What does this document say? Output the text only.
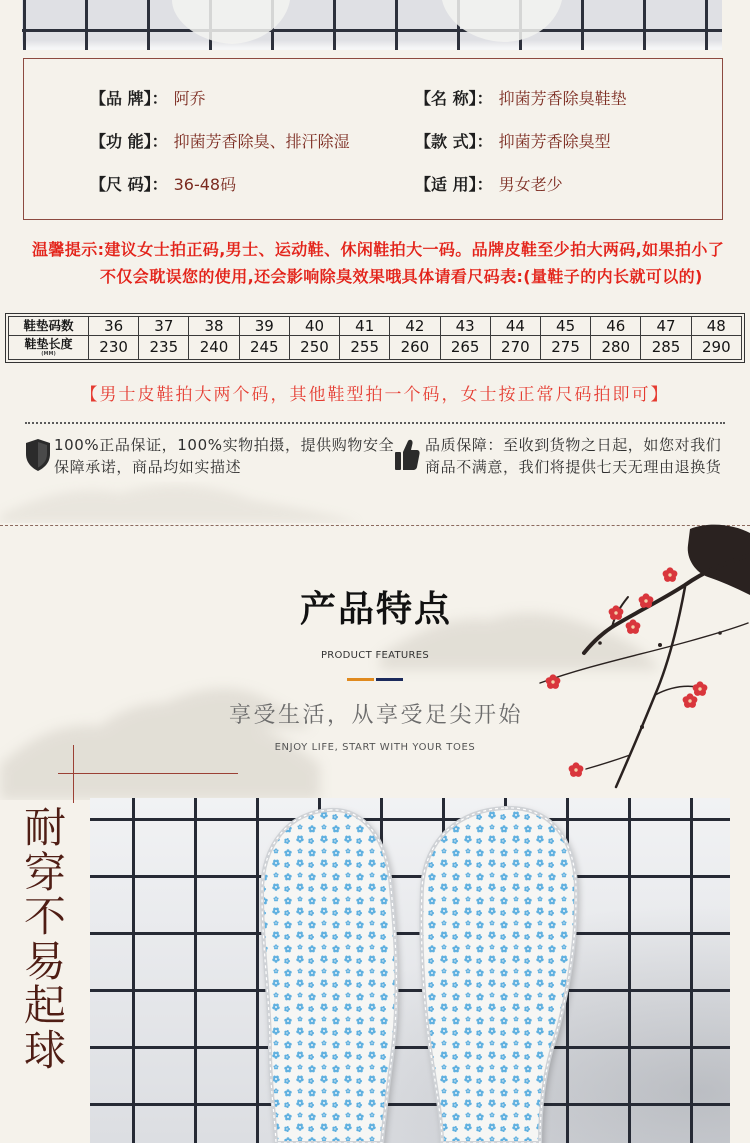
【品 牌】： 阿乔	【名 称】： 抑菌芳香除臭鞋垫
【功 能】： 抑菌芳香除臭、排汗除湿	【款 式】： 抑菌芳香除臭型
【尺 码】： 36-48码	【适 用】： 男女老少
温馨提示:建议女士拍正码,男士、运动鞋、休闲鞋拍大一码。品牌皮鞋至少拍大两码,如果拍小了
不仅会耽误您的使用,还会影响除臭效果哦具体请看尺码表:(量鞋子的内长就可以的)
鞋垫码数	36	37	38	39	40	41	42	43	44	45	46	47	48

鞋垫长度
(MM)	230	235	240	245	250	255	260	265	270	275	280	285	290
【男士皮鞋拍大两个码，其他鞋型拍一个码，女士按正常尺码拍即可】
100%正品保证，100%实物拍摄，提供购物安全
保障承诺，商品均如实描述
品质保障：至收到货物之日起，如您对我们
商品不满意，我们将提供七天无理由退换货
产品特点
PRODUCT FEATURES
享受生活，从享受足尖开始
ENJOY LIFE, START WITH YOUR TOES
耐穿不易起球
